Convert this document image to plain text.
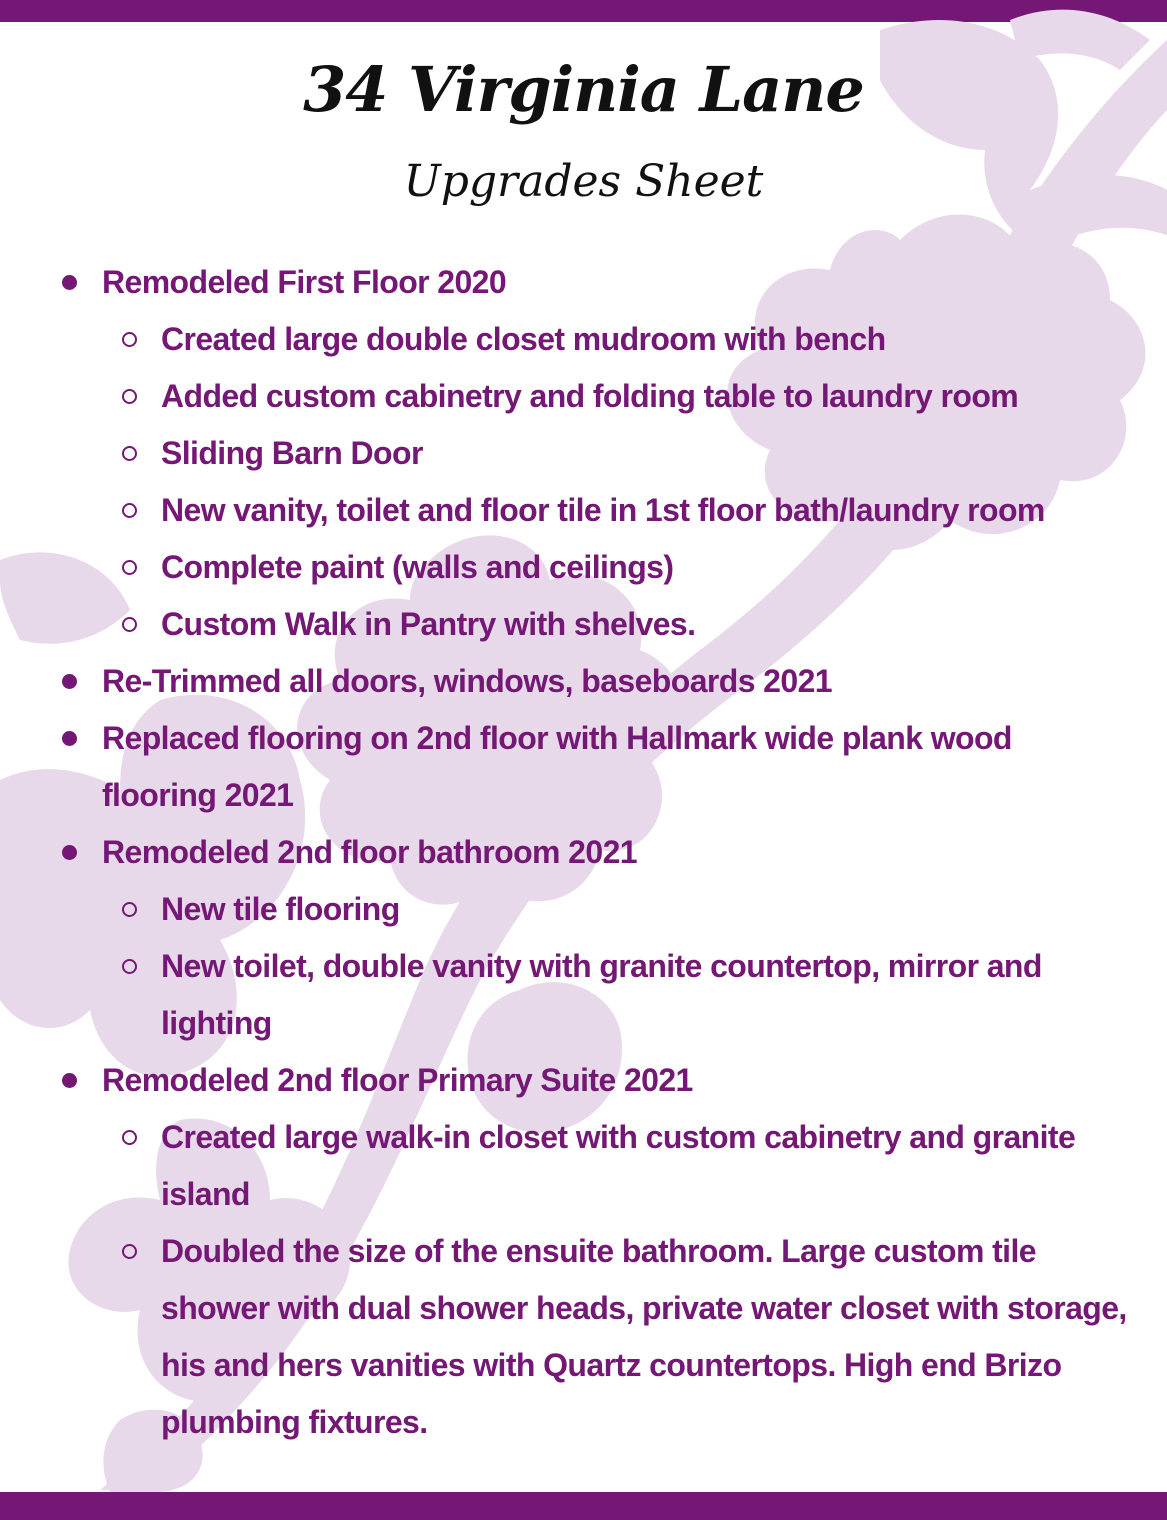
34 Virginia Lane
Upgrades Sheet
Remodeled First Floor 2020
Created large double closet mudroom with bench
Added custom cabinetry and folding table to laundry room
Sliding Barn Door
New vanity, toilet and floor tile in 1st floor bath/laundry room
Complete paint (walls and ceilings)
Custom Walk in Pantry with shelves.
Re-Trimmed all doors, windows, baseboards 2021
Replaced flooring on 2nd floor with Hallmark wide plank wood
flooring 2021
Remodeled 2nd floor bathroom 2021
New tile flooring
New toilet, double vanity with granite countertop, mirror and
lighting
Remodeled 2nd floor Primary Suite 2021
Created large walk-in closet with custom cabinetry and granite
island
Doubled the size of the ensuite bathroom. Large custom tile
shower with dual shower heads, private water closet with storage,
his and hers vanities with Quartz countertops. High end Brizo
plumbing fixtures.
